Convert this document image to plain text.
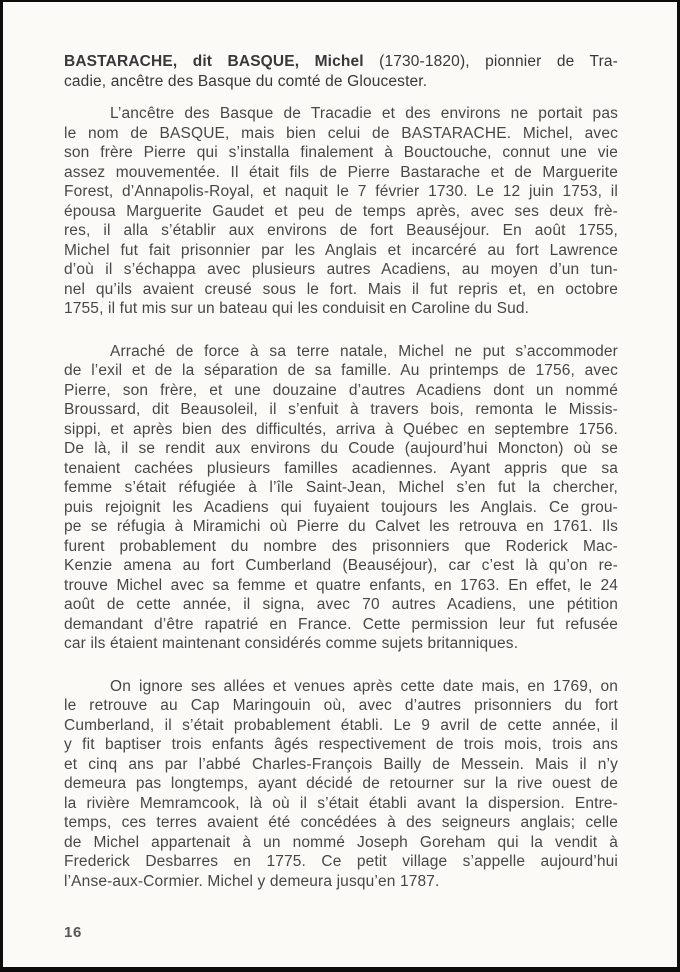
BASTARACHE, dit BASQUE, Michel (1730-1820), pionnier de Tra-
cadie, ancêtre des Basque du comté de Gloucester.
L’ancêtre des Basque de Tracadie et des environs ne portait pas
le nom de BASQUE, mais bien celui de BASTARACHE. Michel, avec
son frère Pierre qui s’installa finalement à Bouctouche, connut une vie
assez mouvementée. Il était fils de Pierre Bastarache et de Marguerite
Forest, d’Annapolis-Royal, et naquit le 7 février 1730. Le 12 juin 1753, il
épousa Marguerite Gaudet et peu de temps après, avec ses deux frè-
res, il alla s’établir aux environs de fort Beauséjour. En août 1755,
Michel fut fait prisonnier par les Anglais et incarcéré au fort Lawrence
d’où il s’échappa avec plusieurs autres Acadiens, au moyen d’un tun-
nel qu’ils avaient creusé sous le fort. Mais il fut repris et, en octobre
1755, il fut mis sur un bateau qui les conduisit en Caroline du Sud.
Arraché de force à sa terre natale, Michel ne put s’accommoder
de l’exil et de la séparation de sa famille. Au printemps de 1756, avec
Pierre, son frère, et une douzaine d’autres Acadiens dont un nommé
Broussard, dit Beausoleil, il s’enfuit à travers bois, remonta le Missis-
sippi, et après bien des difficultés, arriva à Québec en septembre 1756.
De là, il se rendit aux environs du Coude (aujourd’hui Moncton) où se
tenaient cachées plusieurs familles acadiennes. Ayant appris que sa
femme s’était réfugiée à l’île Saint-Jean, Michel s’en fut la chercher,
puis rejoignit les Acadiens qui fuyaient toujours les Anglais. Ce grou-
pe se réfugia à Miramichi où Pierre du Calvet les retrouva en 1761. Ils
furent probablement du nombre des prisonniers que Roderick Mac-
Kenzie amena au fort Cumberland (Beauséjour), car c’est là qu’on re-
trouve Michel avec sa femme et quatre enfants, en 1763. En effet, le 24
août de cette année, il signa, avec 70 autres Acadiens, une pétition
demandant d’être rapatrié en France. Cette permission leur fut refusée
car ils étaient maintenant considérés comme sujets britanniques.
On ignore ses allées et venues après cette date mais, en 1769, on
le retrouve au Cap Maringouin où, avec d’autres prisonniers du fort
Cumberland, il s’était probablement établi. Le 9 avril de cette année, il
y fit baptiser trois enfants âgés respectivement de trois mois, trois ans
et cinq ans par l’abbé Charles-François Bailly de Messein. Mais il n’y
demeura pas longtemps, ayant décidé de retourner sur la rive ouest de
la rivière Memramcook, là où il s’était établi avant la dispersion. Entre-
temps, ces terres avaient été concédées à des seigneurs anglais; celle
de Michel appartenait à un nommé Joseph Goreham qui la vendit à
Frederick Desbarres en 1775. Ce petit village s’appelle aujourd’hui
l’Anse-aux-Cormier. Michel y demeura jusqu’en 1787.
16
